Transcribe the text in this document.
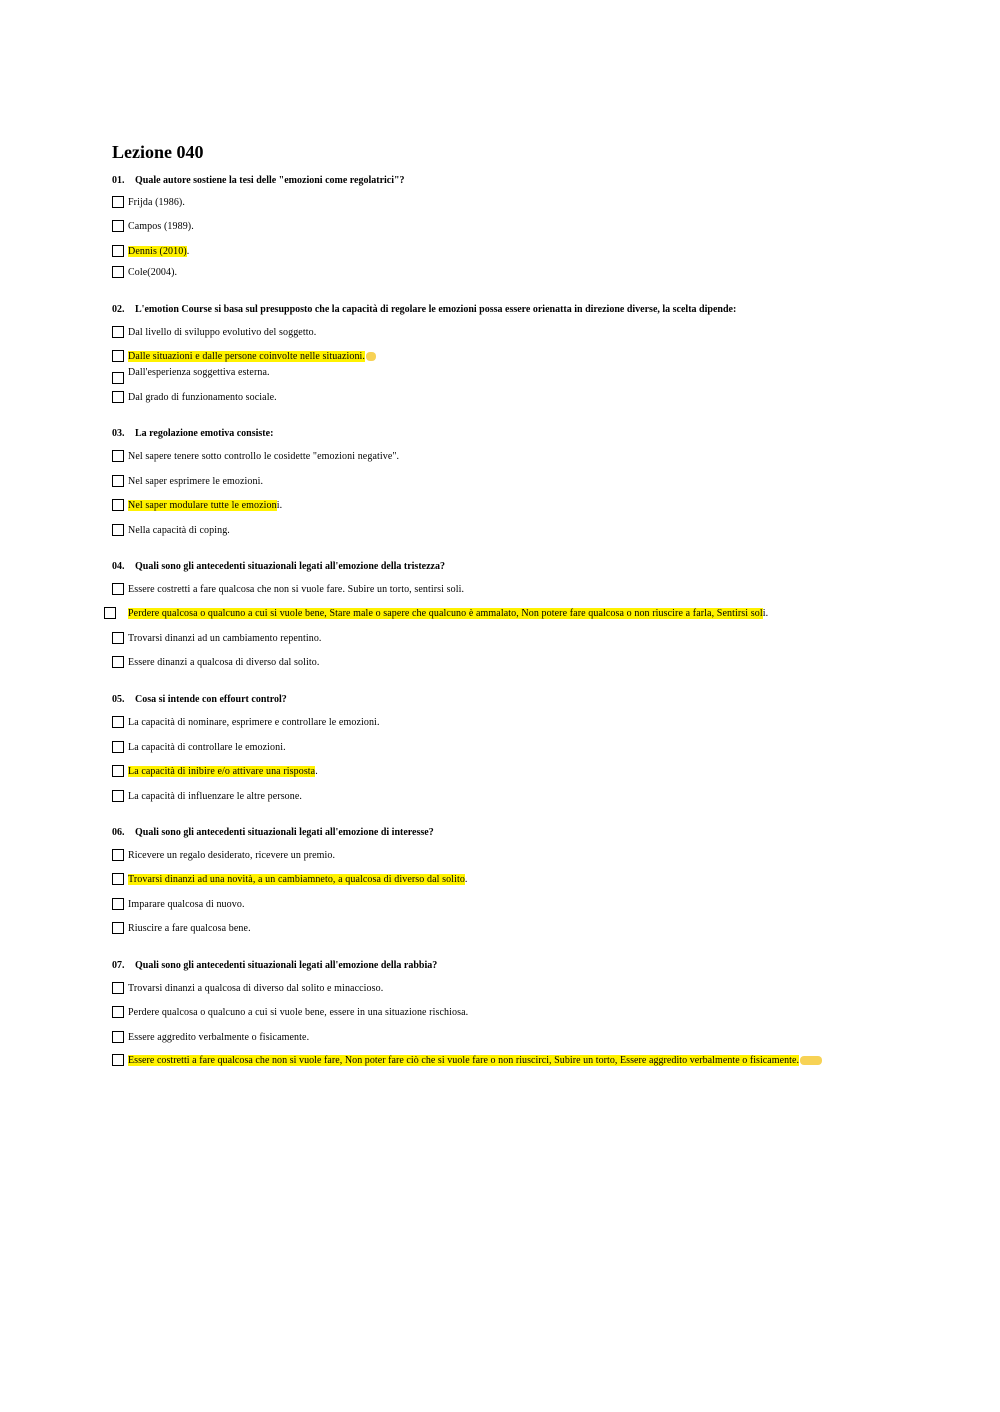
Lezione 040
01. Quale autore sostiene la tesi delle "emozioni come regolatrici"?
Frijda (1986).
Campos (1989).
Dennis (2010).
Cole(2004).
02. L'emotion Course si basa sul presupposto che la capacità di regolare le emozioni possa essere orienatta in direzione diverse, la scelta dipende:
Dal livello di sviluppo evolutivo del soggetto.
Dalle situazioni e dalle persone coinvolte nelle situazioni.
Dall'esperienza soggettiva esterna.
Dal grado di funzionamento sociale.
03. La regolazione emotiva consiste:
Nel sapere tenere sotto controllo le cosidette "emozioni negative".
Nel saper esprimere le emozioni.
Nel saper modulare tutte le emozioni.
Nella capacità di coping.
04. Quali sono gli antecedenti situazionali legati all'emozione della tristezza?
Essere costretti a fare qualcosa che non si vuole fare. Subire un torto, sentirsi soli.
Perdere qualcosa o qualcuno a cui si vuole bene, Stare male o sapere che qualcuno è ammalato, Non potere fare qualcosa o non riuscire a farla, Sentirsi soli.
Trovarsi dinanzi ad un cambiamento repentino.
Essere dinanzi a qualcosa di diverso dal solito.
05. Cosa si intende con effourt control?
La capacità di nominare, esprimere e controllare le emozioni.
La capacità di controllare le emozioni.
La capacità di inibire e/o attivare una risposta.
La capacità di influenzare le altre persone.
06. Quali sono gli antecedenti situazionali legati all'emozione di interesse?
Ricevere un regalo desiderato, ricevere un premio.
Trovarsi dinanzi ad una novità, a un cambiamneto, a qualcosa di diverso dal solito.
Imparare qualcosa di nuovo.
Riuscire a fare qualcosa bene.
07. Quali sono gli antecedenti situazionali legati all'emozione della rabbia?
Trovarsi dinanzi a qualcosa di diverso dal solito e minaccioso.
Perdere qualcosa o qualcuno a cui si vuole bene, essere in una situazione rischiosa.
Essere aggredito verbalmente o fisicamente.
Essere costretti a fare qualcosa che non si vuole fare, Non poter fare ciò che si vuole fare o non riuscirci, Subire un torto, Essere aggredito verbalmente o fisicamente.
